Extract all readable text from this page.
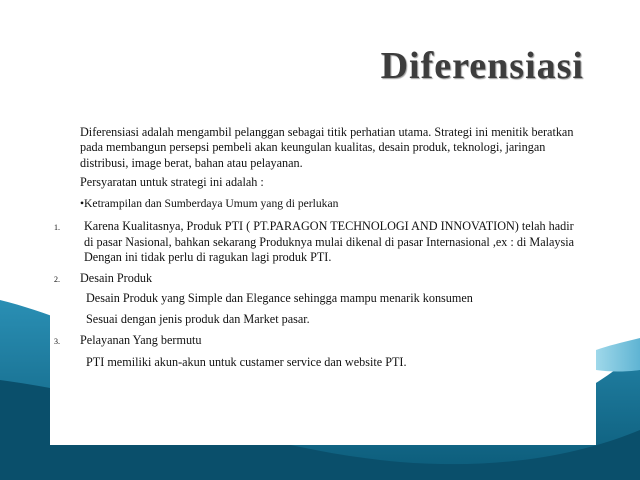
Diferensiasi

Diferensiasi adalah mengambil pelanggan sebagai titik perhatian utama. Strategi ini menitik beratkan pada membangun persepsi pembeli akan keungulan kualitas, desain produk, teknologi, jaringan distribusi, image berat, bahan atau pelayanan.

Persyaratan untuk strategi ini adalah :

•Ketrampilan dan Sumberdaya Umum yang di perlukan

1.	Karena Kualitasnya, Produk PTI ( PT.PARAGON TECHNOLOGI AND INNOVATION) telah hadir di pasar Nasional, bahkan sekarang Produknya mulai dikenal di pasar Internasional ,ex : di Malaysia Dengan ini tidak perlu di ragukan lagi produk PTI.

2. Desain Produk

Desain Produk yang Simple dan Elegance sehingga mampu menarik konsumen

Sesuai dengan jenis produk dan Market pasar.

3. Pelayanan Yang bermutu

PTI memiliki akun-akun untuk custamer service dan website PTI.
